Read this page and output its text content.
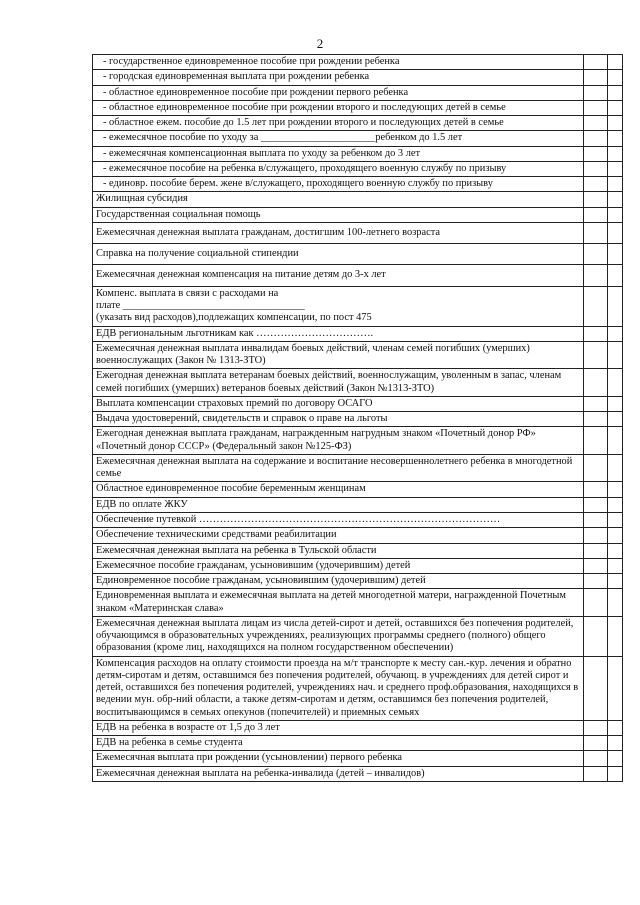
2
- государственное единовременное пособие при рождении ребенка		
- городская единовременная выплата при рождении ребенка		
- областное единовременное пособие при рождении первого ребенка		
- областное единовременное пособие при рождении второго и последующих детей в семье		
- областное ежем. пособие до 1.5 лет при рождении второго и последующих детей в семье		
- ежемесячное пособие по уходу за ______________________ребенком до 1.5 лет		
- ежемесячная компенсационная выплата по уходу за ребенком до 3 лет		
- ежемесячное пособие на ребенка в/служащего, проходящего военную службу по призыву		
- единовр. пособие берем. жене в/служащего, проходящего военную службу по призыву		
Жилищная субсидия		
Государственная социальная помощь		
Ежемесячная денежная выплата гражданам, достигшим 100-летнего возраста		
Справка на получение социальной стипендии		
Ежемесячная денежная компенсация на питание детям до 3-х лет		
Компенс. выплата в связи с расходами на
плате ___________________________________
(указать вид расходов),подлежащих компенсации, по пост 475		
ЕДВ региональным льготникам как …………………………….		
Ежемесячная денежная выплата инвалидам боевых действий, членам семей погибших (умерших) военнослужащих (Закон № 1313-ЗТО)		
Ежегодная денежная выплата ветеранам боевых действий, военнослужащим, уволенным в запас, членам семей погибших (умерших) ветеранов боевых действий (Закон №1313-ЗТО)		
Выплата компенсации страховых премий по договору ОСАГО		
Выдача удостоверений, свидетельств и справок о праве на льготы		
Ежегодная денежная выплата гражданам, награжденным нагрудным знаком «Почетный донор РФ» «Почетный донор СССР» (Федеральный закон №125-ФЗ)		
Ежемесячная денежная выплата на содержание и воспитание несовершеннолетнего ребенка в многодетной семье		
Областное единовременное пособие беременным женщинам		
ЕДВ по оплате ЖКУ		
Обеспечение путевкой ……………………………………………………………………………		
Обеспечение техническими средствами реабилитации		
Ежемесячная денежная выплата на ребенка в Тульской области		
Ежемесячное пособие гражданам, усыновившим (удочерившим) детей		
Единовременное пособие гражданам, усыновившим (удочерившим) детей		
Единовременная выплата и ежемесячная выплата на детей многодетной матери, награжденной Почетным знаком «Материнская слава»		
Ежемесячная денежная выплата лицам из числа детей-сирот и детей, оставшихся без попечения родителей, обучающимся в образовательных учреждениях, реализующих программы среднего (полного) общего образования (кроме лиц, находящихся на полном государственном обеспечении)		
Компенсация расходов на оплату стоимости проезда на м/т транспорте к месту сан.-кур. лечения и обратно детям-сиротам и детям, оставшимся без попечения родителей, обучающ. в учреждениях для детей сирот и детей, оставшихся без попечения родителей, учреждениях нач. и среднего проф.образования, находящихся в ведении мун. обр-ний области, а также детям-сиротам и детям, оставшимся без попечения родителей, воспитывающимся в семьях опекунов (попечителей) и приемных семьях		
ЕДВ на ребенка в возрасте от 1,5 до 3 лет		
ЕДВ на ребенка в семье студента		
Ежемесячная выплата при рождении (усыновлении) первого ребенка		
Ежемесячная денежная выплата на ребенка-инвалида (детей – инвалидов)		
